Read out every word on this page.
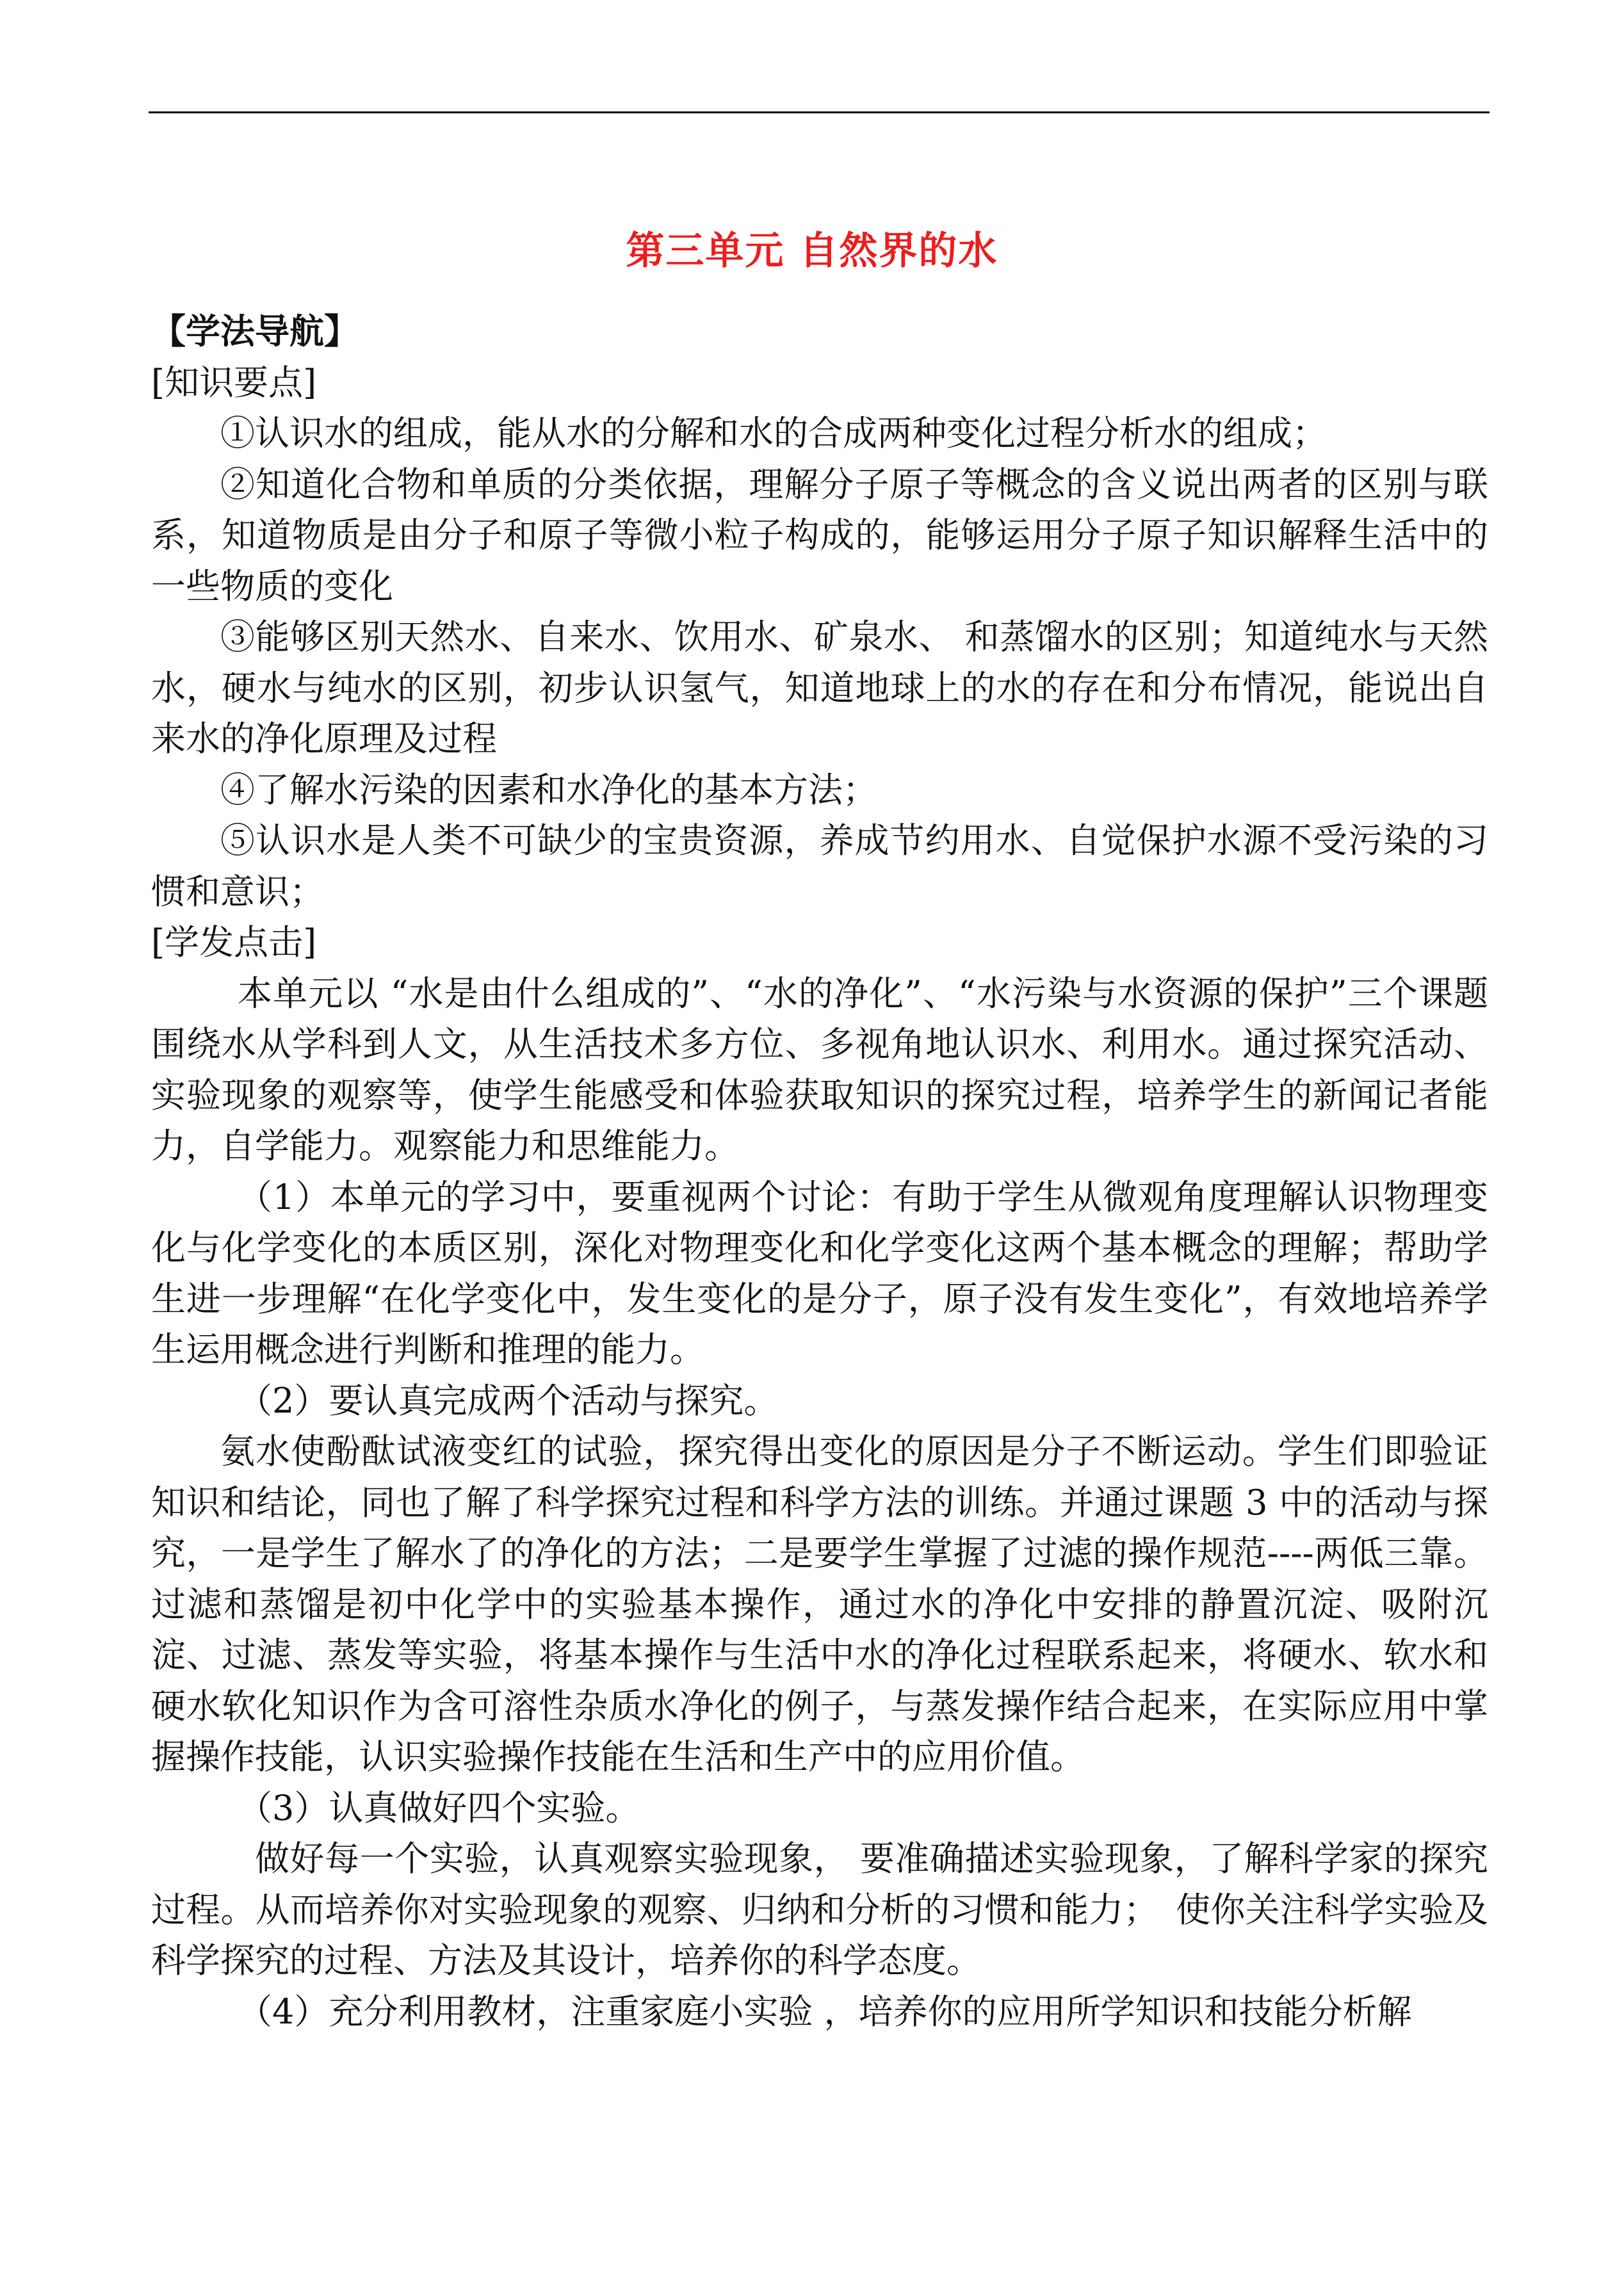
第三单元 自然界的水

【学法导航】

[知识要点]

①认识水的组成，能从水的分解和水的合成两种变化过程分析水的组成；

②知道化合物和单质的分类依据，理解分子原子等概念的含义说出两者的区别与联系，知道物质是由分子和原子等微小粒子构成的，能够运用分子原子知识解释生活中的一些物质的变化

③能够区别天然水、自来水、饮用水、矿泉水、 和蒸馏水的区别；知道纯水与天然水，硬水与纯水的区别，初步认识氢气，知道地球上的水的存在和分布情况，能说出自来水的净化原理及过程

④了解水污染的因素和水净化的基本方法；

⑤认识水是人类不可缺少的宝贵资源，养成节约用水、自觉保护水源不受污染的习惯和意识；

[学发点击]

本单元以 “水是由什么组成的”、“水的净化”、“水污染与水资源的保护”三个课题围绕水从学科到人文，从生活技术多方位、多视角地认识水、利用水。通过探究活动、实验现象的观察等，使学生能感受和体验获取知识的探究过程，培养学生的新闻记者能力，自学能力。观察能力和思维能力。

（1）本单元的学习中，要重视两个讨论：有助于学生从微观角度理解认识物理变化与化学变化的本质区别，深化对物理变化和化学变化这两个基本概念的理解；帮助学生进一步理解“在化学变化中，发生变化的是分子，原子没有发生变化”，有效地培养学生运用概念进行判断和推理的能力。

（2）要认真完成两个活动与探究。

氨水使酚酞试液变红的试验，探究得出变化的原因是分子不断运动。学生们即验证知识和结论，同也了解了科学探究过程和科学方法的训练。并通过课题 3 中的活动与探究，一是学生了解水了的净化的方法；二是要学生掌握了过滤的操作规范----两低三靠。过滤和蒸馏是初中化学中的实验基本操作，通过水的净化中安排的静置沉淀、吸附沉淀、过滤、蒸发等实验，将基本操作与生活中水的净化过程联系起来，将硬水、软水和硬水软化知识作为含可溶性杂质水净化的例子，与蒸发操作结合起来，在实际应用中掌握操作技能，认识实验操作技能在生活和生产中的应用价值。

（3）认真做好四个实验。

做好每一个实验，认真观察实验现象， 要准确描述实验现象，了解科学家的探究过程。从而培养你对实验现象的观察、归纳和分析的习惯和能力；　使你关注科学实验及科学探究的过程、方法及其设计，培养你的科学态度。

（4）充分利用教材，注重家庭小实验 ，培养你的应用所学知识和技能分析解
